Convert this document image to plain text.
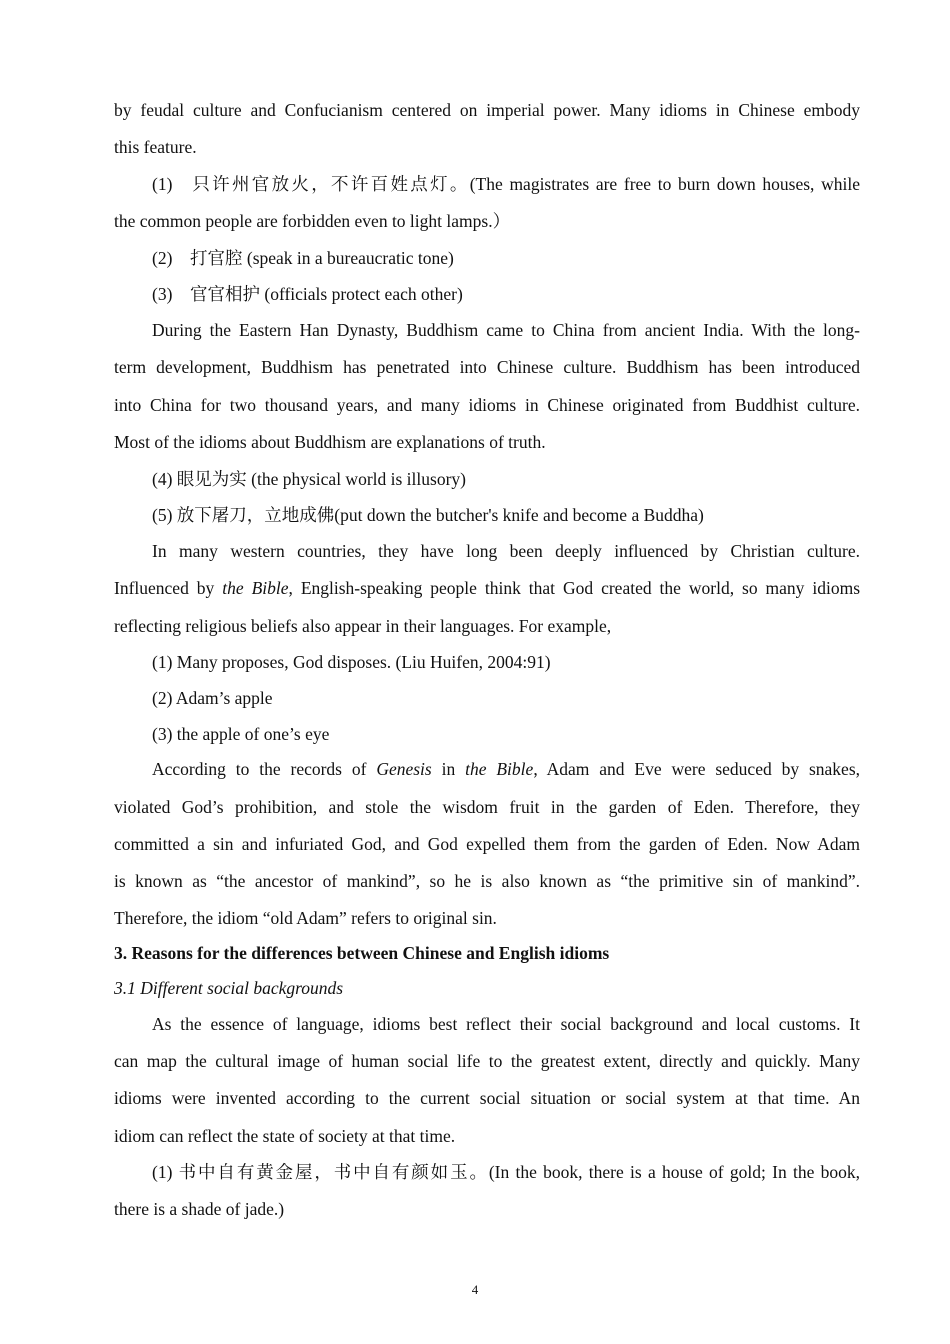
by feudal culture and Confucianism centered on imperial power. Many idioms in Chinese embody
this feature.
(1) 只许州官放火，不许百姓点灯。(The magistrates are free to burn down houses, while
the common people are forbidden even to light lamps.）
(2) 打官腔 (speak in a bureaucratic tone)
(3) 官官相护 (officials protect each other)
During the Eastern Han Dynasty, Buddhism came to China from ancient India. With the long-
term development, Buddhism has penetrated into Chinese culture. Buddhism has been introduced
into China for two thousand years, and many idioms in Chinese originated from Buddhist culture.
Most of the idioms about Buddhism are explanations of truth.
(4) 眼见为实 (the physical world is illusory)
(5) 放下屠刀，立地成佛(put down the butcher's knife and become a Buddha)
In many western countries, they have long been deeply influenced by Christian culture.
Influenced by the Bible, English-speaking people think that God created the world, so many idioms
reflecting religious beliefs also appear in their languages. For example,
(1) Many proposes, God disposes. (Liu Huifen, 2004:91)
(2) Adam’s apple
(3) the apple of one’s eye
According to the records of Genesis in the Bible, Adam and Eve were seduced by snakes,
violated God’s prohibition, and stole the wisdom fruit in the garden of Eden. Therefore, they
committed a sin and infuriated God, and God expelled them from the garden of Eden. Now Adam
is known as “the ancestor of mankind”, so he is also known as “the primitive sin of mankind”.
Therefore, the idiom “old Adam” refers to original sin.
3. Reasons for the differences between Chinese and English idioms
3.1 Different social backgrounds
As the essence of language, idioms best reflect their social background and local customs. It
can map the cultural image of human social life to the greatest extent, directly and quickly. Many
idioms were invented according to the current social situation or social system at that time. An
idiom can reflect the state of society at that time.
(1) 书中自有黄金屋，书中自有颜如玉。(In the book, there is a house of gold; In the book,
there is a shade of jade.)
4
